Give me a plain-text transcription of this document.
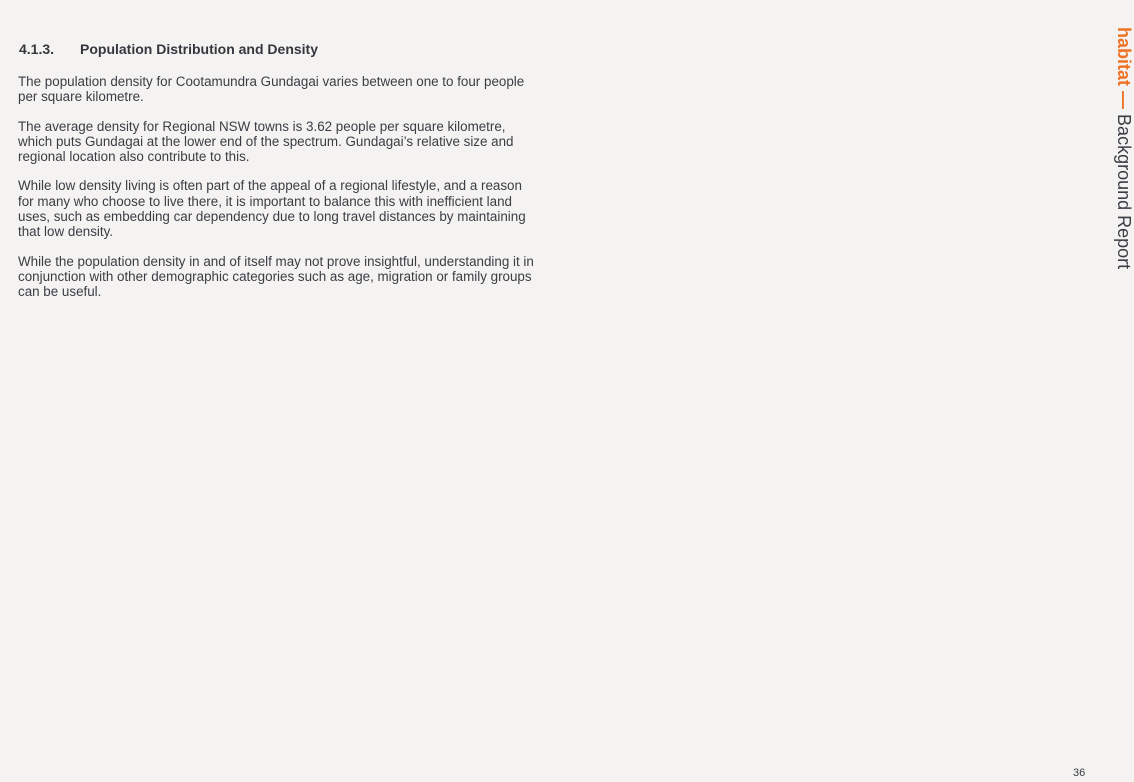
4.1.3.	Population Distribution and Density

The population density for Cootamundra Gundagai varies between one to four people per square kilometre.

The average density for Regional NSW towns is 3.62 people per square kilometre, which puts Gundagai at the lower end of the spectrum. Gundagai’s relative size and regional location also contribute to this.

While low density living is often part of the appeal of a regional lifestyle, and a reason for many who choose to live there, it is important to balance this with inefficient land uses, such as embedding car dependency due to long travel distances by maintaining that low density.

While the population density in and of itself may not prove insightful, understanding it in conjunction with other demographic categories such as age, migration or family groups can be useful.

habitat — Background Report
36
